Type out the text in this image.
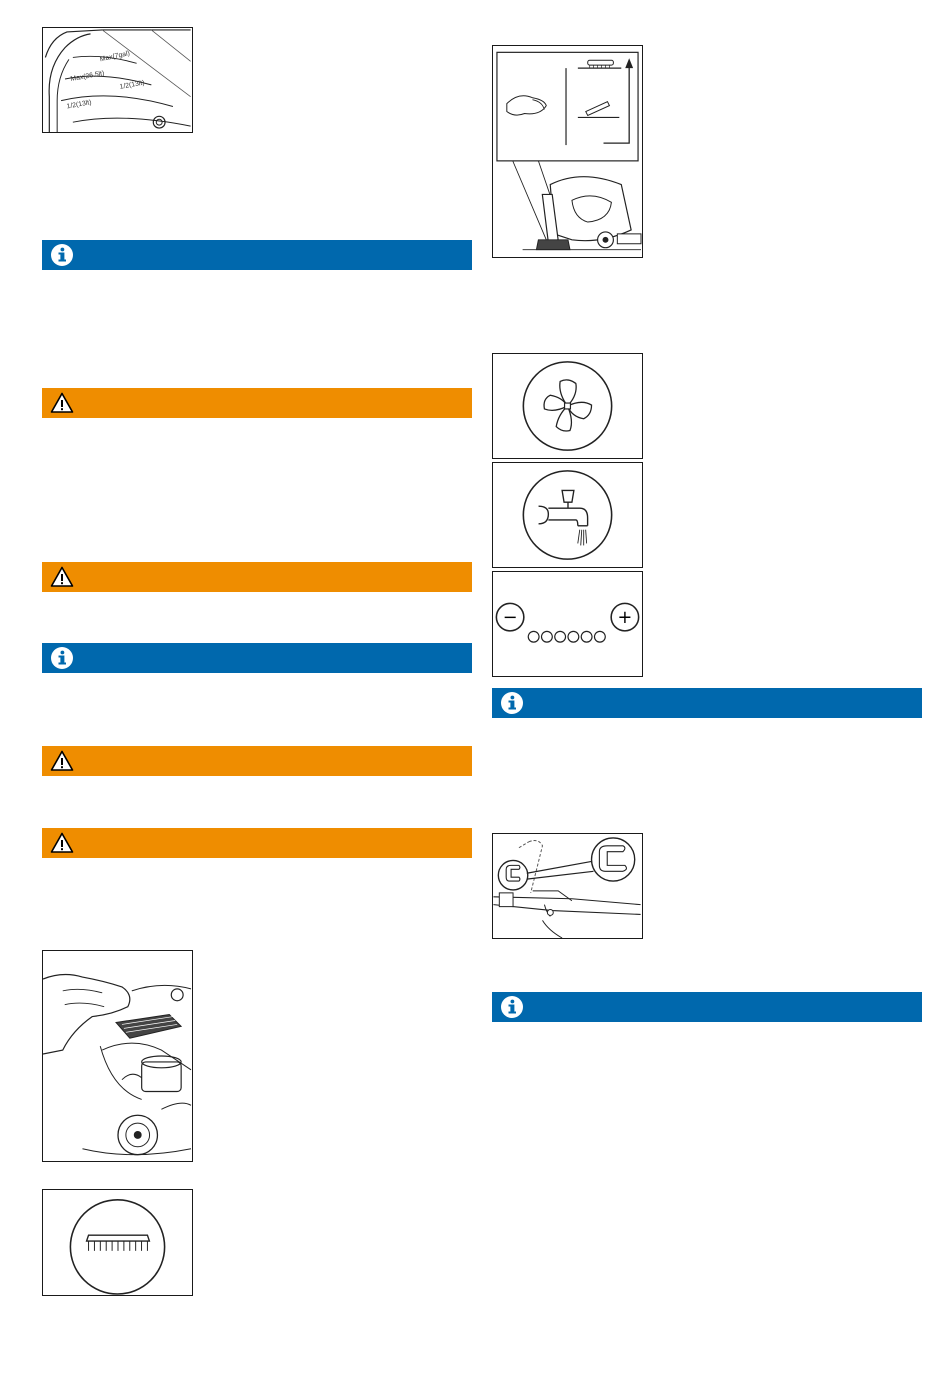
Max(7gal)
Max(26.5lt)
1/2(13lt)
1/2(13lt)
−	+
